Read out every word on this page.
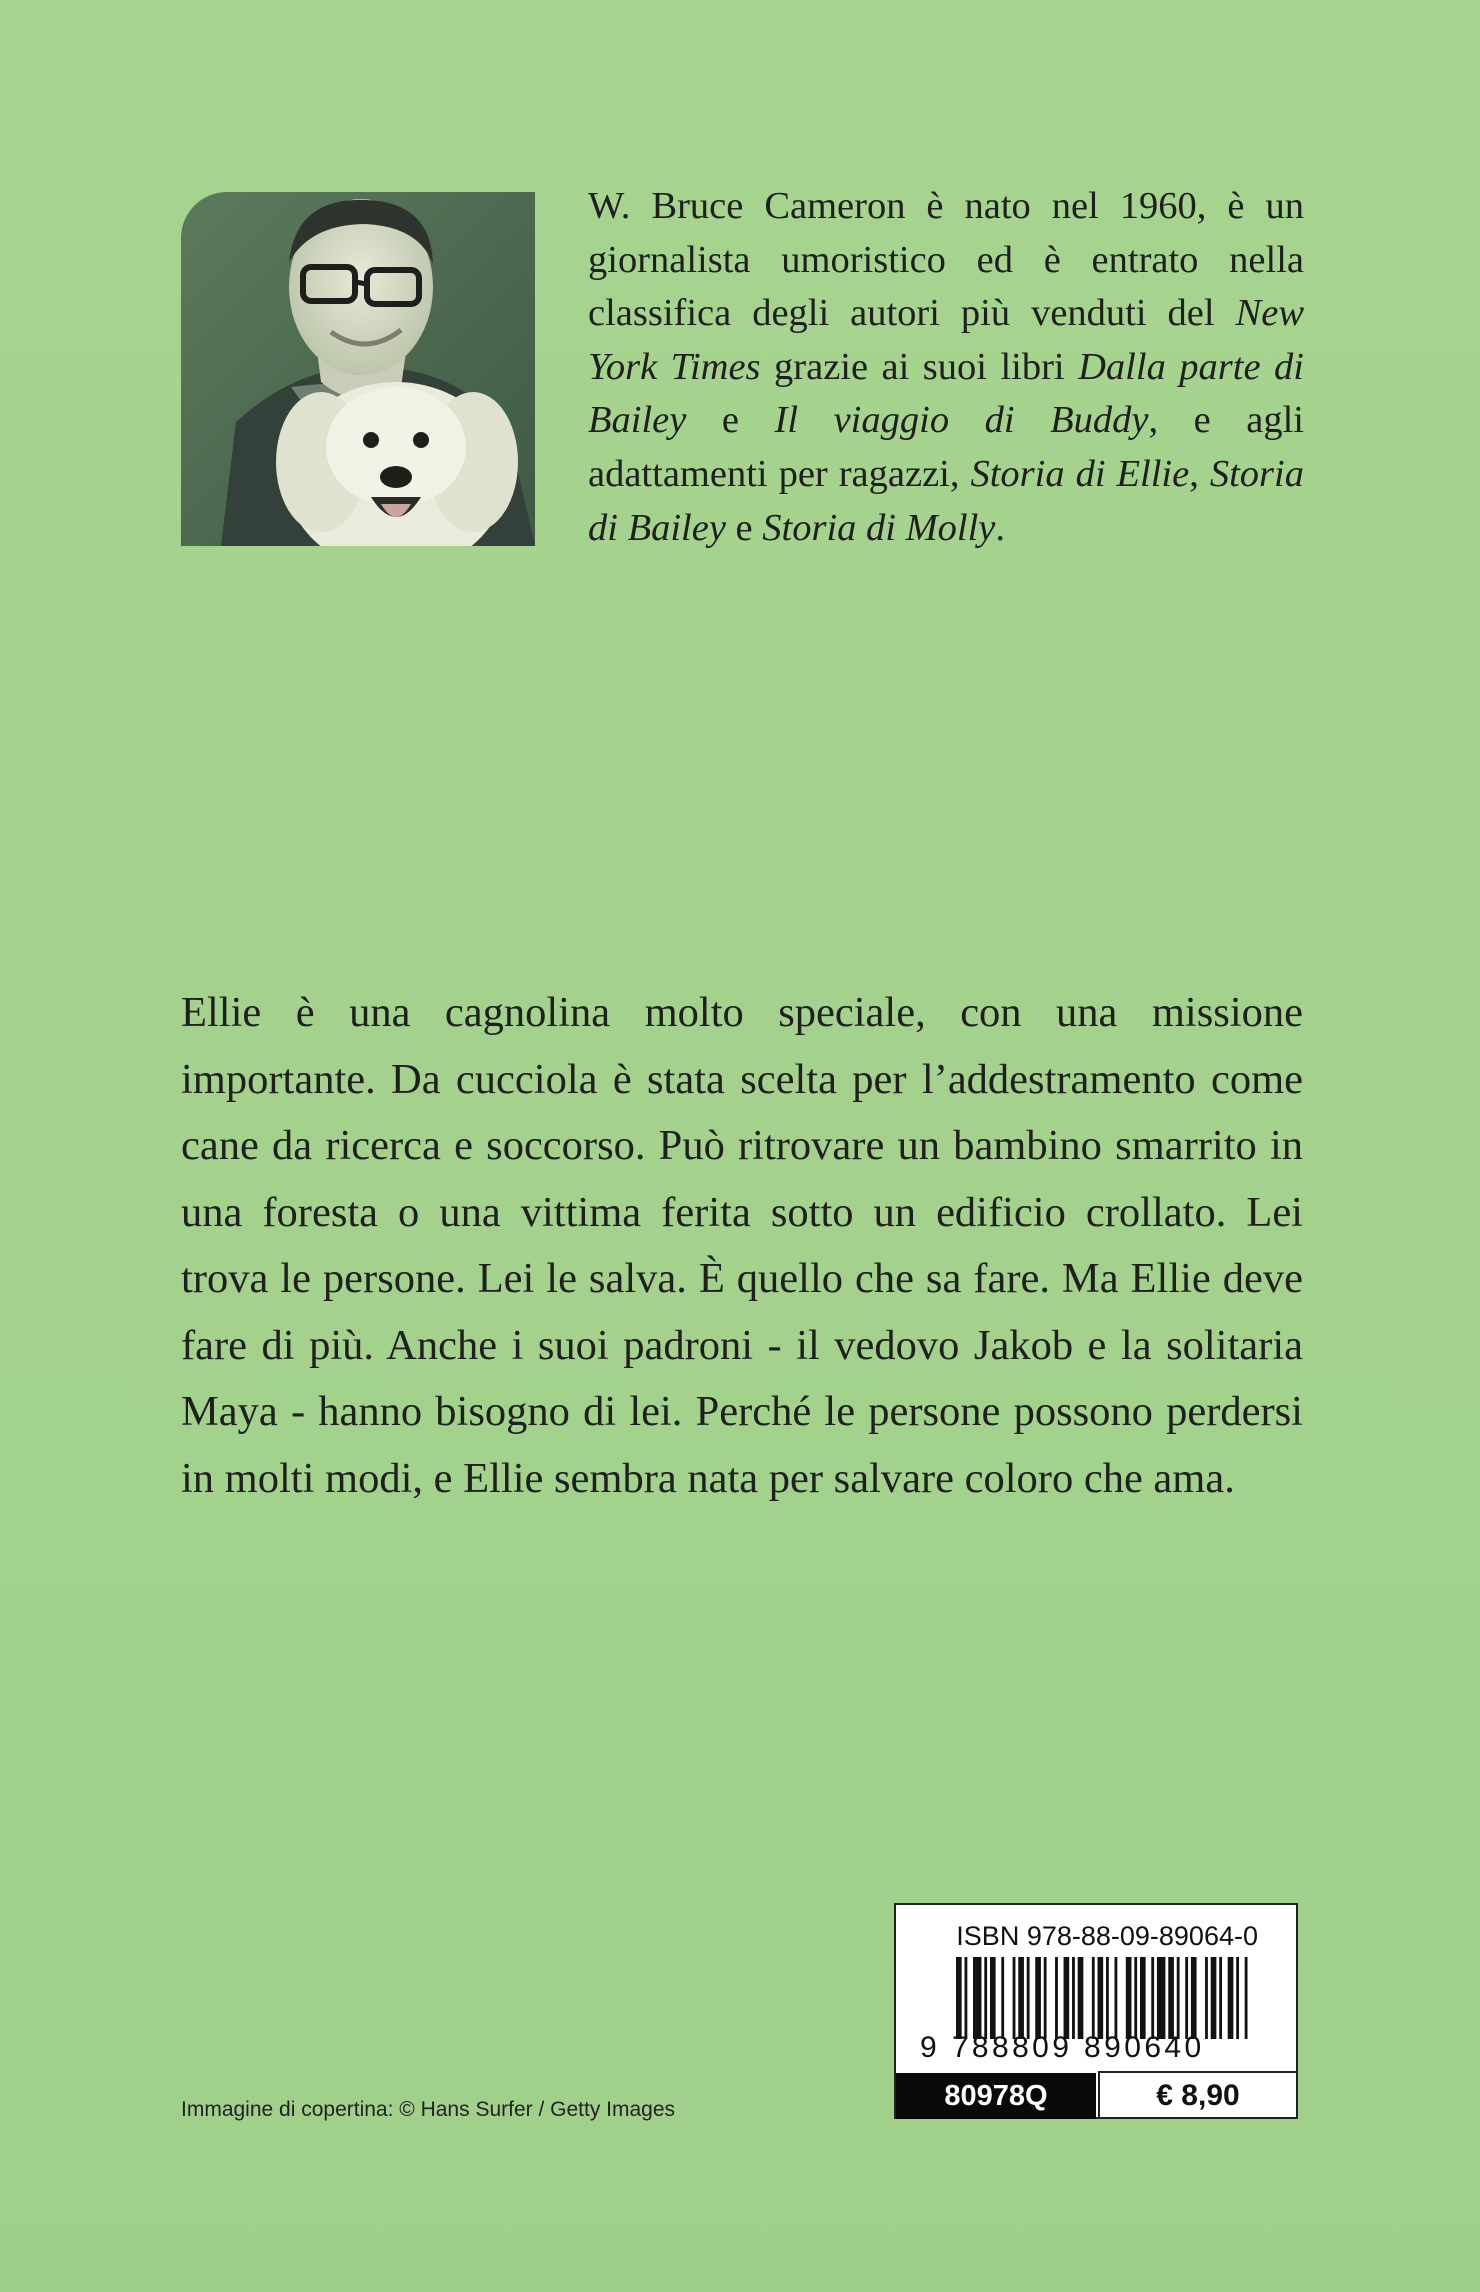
W. Bruce Cameron è nato nel 1960, è un giornalista umoristico ed è entrato nella classifica degli autori più venduti del New York Times grazie ai suoi libri Dalla parte di Bailey e Il viaggio di Buddy, e agli adattamenti per ragazzi, Storia di Ellie, Storia di Bailey e Storia di Molly.

Ellie è una cagnolina molto speciale, con una missione importante. Da cucciola è stata scelta per l’addestramento come cane da ricerca e soccorso. Può ritrovare un bambino smarrito in una foresta o una vittima ferita sotto un edificio crollato. Lei trova le persone. Lei le salva. È quello che sa fare. Ma Ellie deve fare di più. Anche i suoi padroni - il vedovo Jakob e la solitaria Maya - hanno bisogno di lei. Perché le persone possono perdersi in molti modi, e Ellie sembra nata per salvare coloro che ama.

Immagine di copertina: © Hans Surfer / Getty Images
ISBN 978-88-09-89064-0
9 788809 890640
80978Q	€ 8,90
